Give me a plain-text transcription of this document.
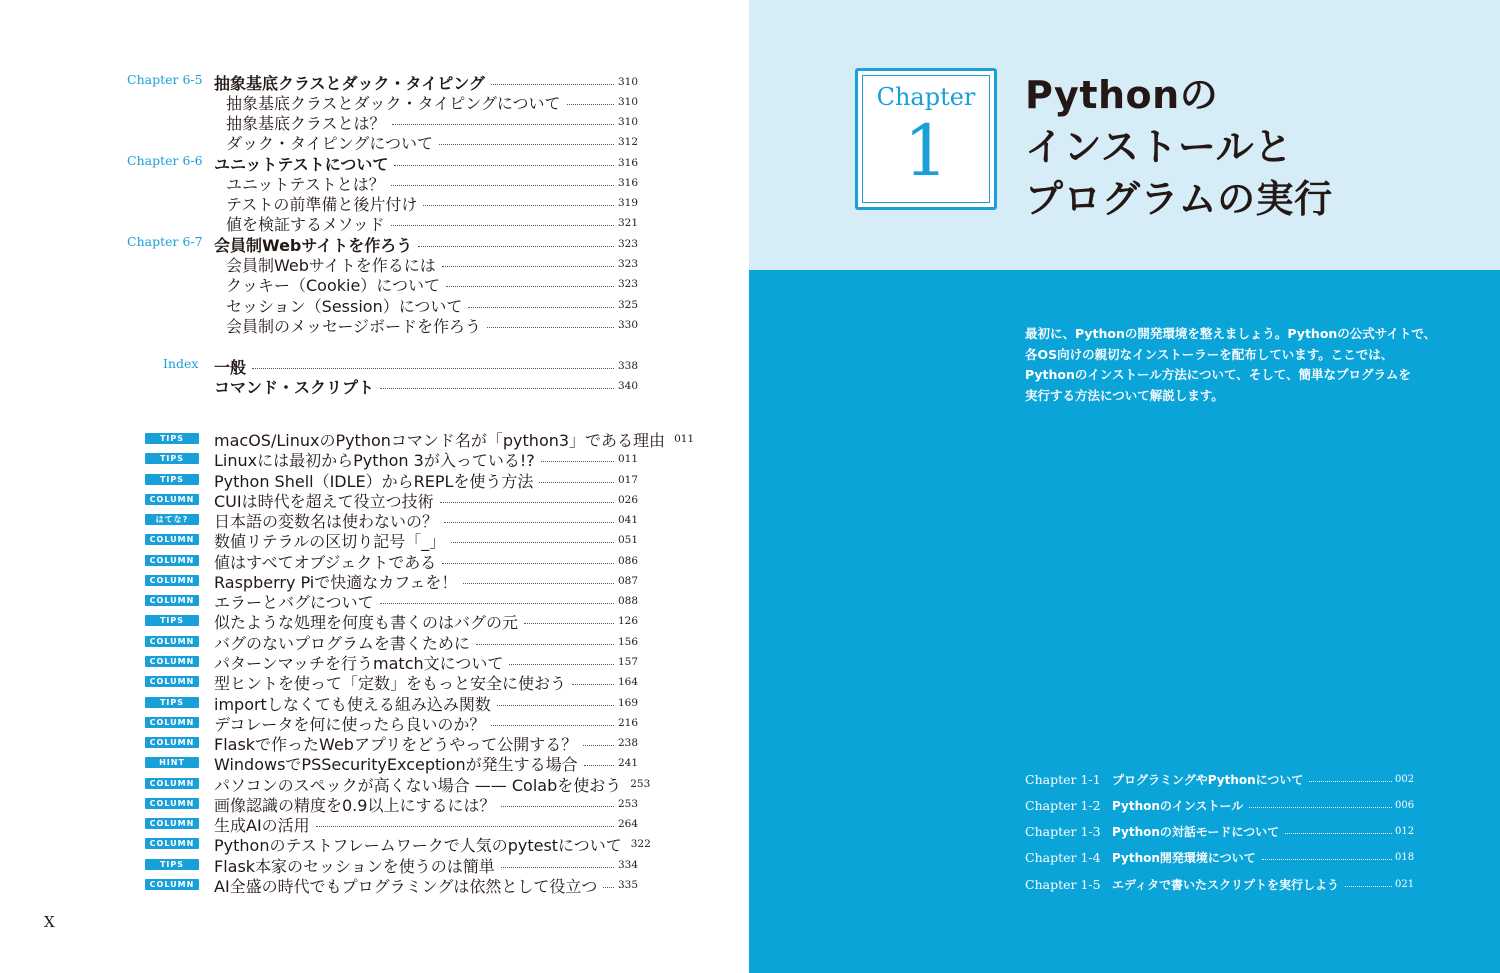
Chapter 6-5 抽象基底クラスとダック・タイピング	310
抽象基底クラスとダック・タイピングについて	310
抽象基底クラスとは？	310
ダック・タイピングについて	312
Chapter 6-6 ユニットテストについて	316
ユニットテストとは？	316
テストの前準備と後片付け	319
値を検証するメソッド	321
Chapter 6-7 会員制Webサイトを作ろう	323
会員制Webサイトを作るには	323
クッキー（Cookie）について	323
セッション（Session）について	325
会員制のメッセージボードを作ろう	330
Index 一般	338
コマンド・スクリプト	340
TIPS	macOS/LinuxのPythonコマンド名が「python3」である理由 011
TIPS	Linuxには最初からPython 3が入っている!?	011
TIPS	Python Shell（IDLE）からREPLを使う方法	017
COLUMN CUIは時代を超えて役立つ技術	026
はてな?	日本語の変数名は使わないの？	041
COLUMN 数値リテラルの区切り記号「_」	051
COLUMN 値はすべてオブジェクトである	086
COLUMN Raspberry Piで快適なカフェを！	087
COLUMN エラーとバグについて	088
TIPS	似たような処理を何度も書くのはバグの元	126
COLUMN バグのないプログラムを書くために	156
COLUMN パターンマッチを行うmatch文について	157
COLUMN 型ヒントを使って「定数」をもっと安全に使おう	164
TIPS	importしなくても使える組み込み関数	169
COLUMN デコレータを何に使ったら良いのか？	216
COLUMN Flaskで作ったWebアプリをどうやって公開する？	238
HINT	WindowsでPSSecurityExceptionが発生する場合	241
COLUMN パソコンのスペックが高くない場合 —— Colabを使おう 253
COLUMN 画像認識の精度を0.9以上にするには？	253
COLUMN 生成AIの活用	264
COLUMN Pythonのテストフレームワークで人気のpytestについて 322
TIPS	Flask本家のセッションを使うのは簡単	334
COLUMN AI全盛の時代でもプログラミングは依然として役立つ	335
X
Chapter
1
Pythonの
インストールと
プログラムの実行

最初に、Pythonの開発環境を整えましょう。Pythonの公式サイトで、

各OS向けの親切なインストーラーを配布しています。ここでは、

Pythonのインストール方法について、そして、簡単なプログラムを

実行する方法について解説します。

Chapter 1-1 プログラミングやPythonについて	002
Chapter 1-2 Pythonのインストール	006
Chapter 1-3 Pythonの対話モードについて	012
Chapter 1-4 Python開発環境について	018
Chapter 1-5 エディタで書いたスクリプトを実行しよう	021
